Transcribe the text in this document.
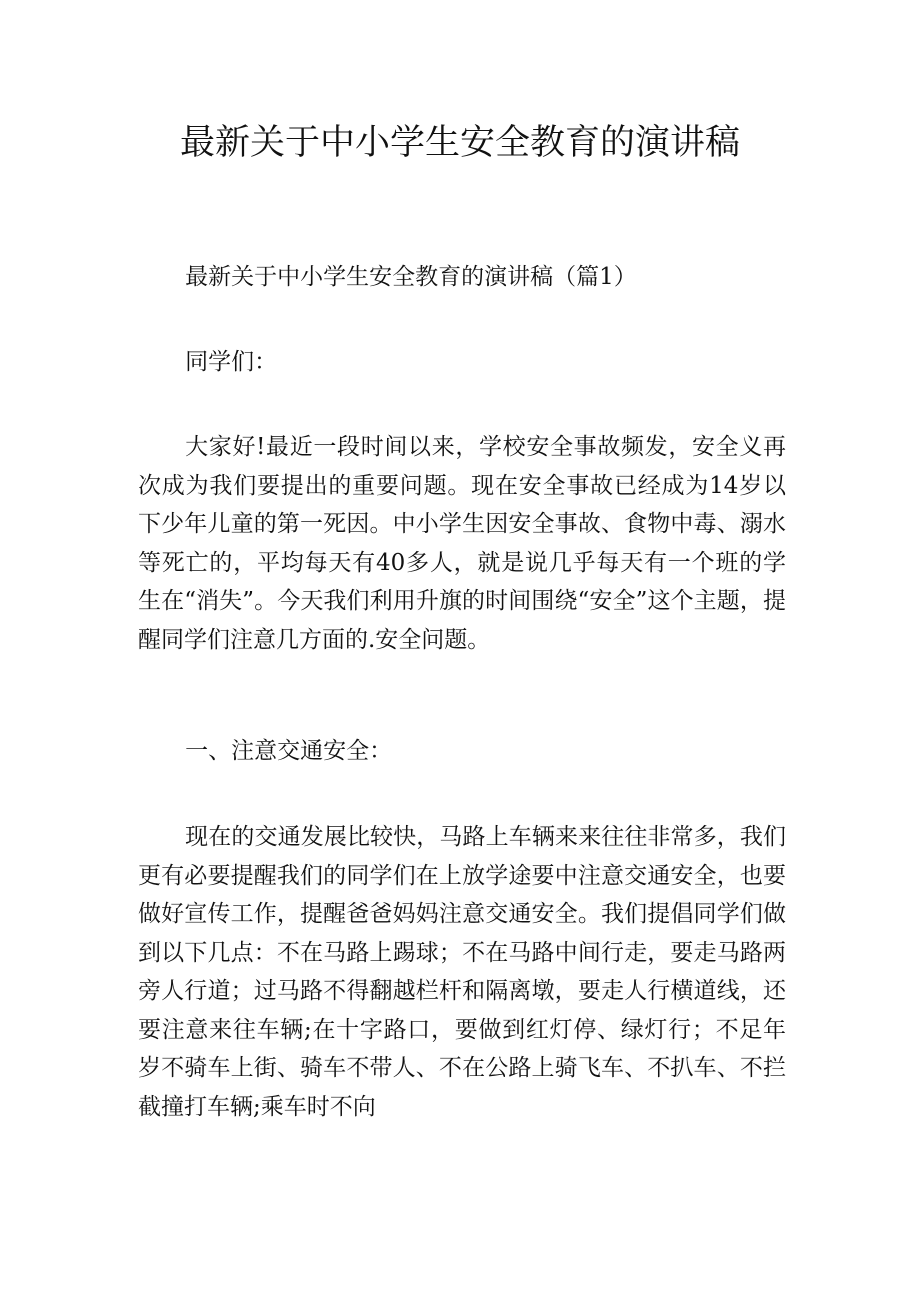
最新关于中小学生安全教育的演讲稿

最新关于中小学生安全教育的演讲稿（篇1）

同学们：

大家好!最近一段时间以来，学校安全事故频发，安全义再次成为我们要提出的重要问题。现在安全事故已经成为14岁以下少年儿童的第一死因。中小学生因安全事故、食物中毒、溺水等死亡的，平均每天有40多人，就是说几乎每天有一个班的学生在“消失”。今天我们利用升旗的时间围绕“安全”这个主题，提醒同学们注意几方面的.安全问题。

一、注意交通安全：

现在的交通发展比较快，马路上车辆来来往往非常多，我们更有必要提醒我们的同学们在上放学途要中注意交通安全，也要做好宣传工作，提醒爸爸妈妈注意交通安全。我们提倡同学们做到以下几点：不在马路上踢球；不在马路中间行走，要走马路两旁人行道；过马路不得翻越栏杆和隔离墩，要走人行横道线，还要注意来往车辆;在十字路口，要做到红灯停、绿灯行；不足年岁不骑车上街、骑车不带人、不在公路上骑飞车、不扒车、不拦截撞打车辆;乘车时不向
